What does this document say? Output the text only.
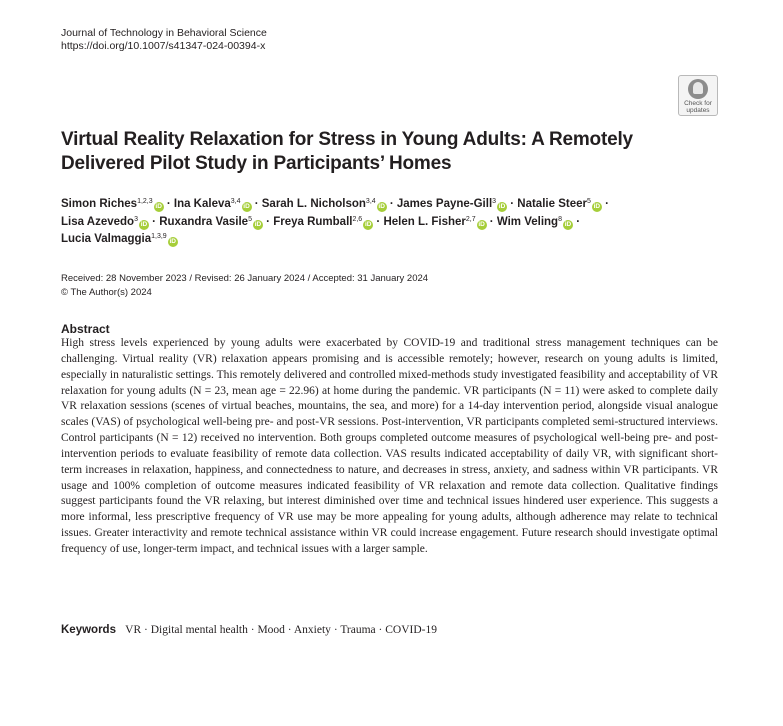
Journal of Technology in Behavioral Science
https://doi.org/10.1007/s41347-024-00394-x
Check for
updates
Virtual Reality Relaxation for Stress in Young Adults: A Remotely Delivered Pilot Study in Participants’ Homes
Simon Riches$^{1,2,3}$iD · Ina Kaleva$^{3,4}$iD · Sarah L. Nicholson$^{3,4}$iD · James Payne-Gill$^3$iD · Natalie Steer$^5$iD ·
Lisa Azevedo$^3$iD · Ruxandra Vasile$^5$iD · Freya Rumball$^{2,6}$iD · Helen L. Fisher$^{2,7}$iD · Wim Veling$^8$iD ·
Lucia Valmaggia$^{1,3,9}$iD
Received: 28 November 2023 / Revised: 26 January 2024 / Accepted: 31 January 2024
© The Author(s) 2024
Abstract

High stress levels experienced by young adults were exacerbated by COVID-19 and traditional stress management techniques can be challenging. Virtual reality (VR) relaxation appears promising and is accessible remotely; however, research on young adults is limited, especially in naturalistic settings. This remotely delivered and controlled mixed-methods study investigated feasibility and acceptability of VR relaxation for young adults (N = 23, mean age = 22.96) at home during the pandemic. VR participants (N = 11) were asked to complete daily VR relaxation sessions (scenes of virtual beaches, mountains, the sea, and more) for a 14-day intervention period, alongside visual analogue scales (VAS) of psychological well-being pre- and post-VR sessions. Post-intervention, VR participants completed semi-structured interviews. Control participants (N = 12) received no intervention. Both groups completed outcome measures of psychological well-being pre- and post-intervention periods to evaluate feasibility of remote data collection. VAS results indicated acceptability of daily VR, with significant short-term increases in relaxation, happiness, and connectedness to nature, and decreases in stress, anxiety, and sadness within VR participants. VR usage and 100% completion of outcome measures indicated feasibility of VR relaxation and remote data collection. Qualitative findings suggest participants found the VR relaxing, but interest diminished over time and technical issues hindered user experience. This suggests a more informal, less prescriptive frequency of VR use may be more appealing for young adults, although adherence may relate to technical issues. Greater interactivity and remote technical assistance within VR could increase engagement. Future research should investigate optimal frequency of use, longer-term impact, and technical issues with a larger sample.

Keywords VR · Digital mental health · Mood · Anxiety · Trauma · COVID-19
